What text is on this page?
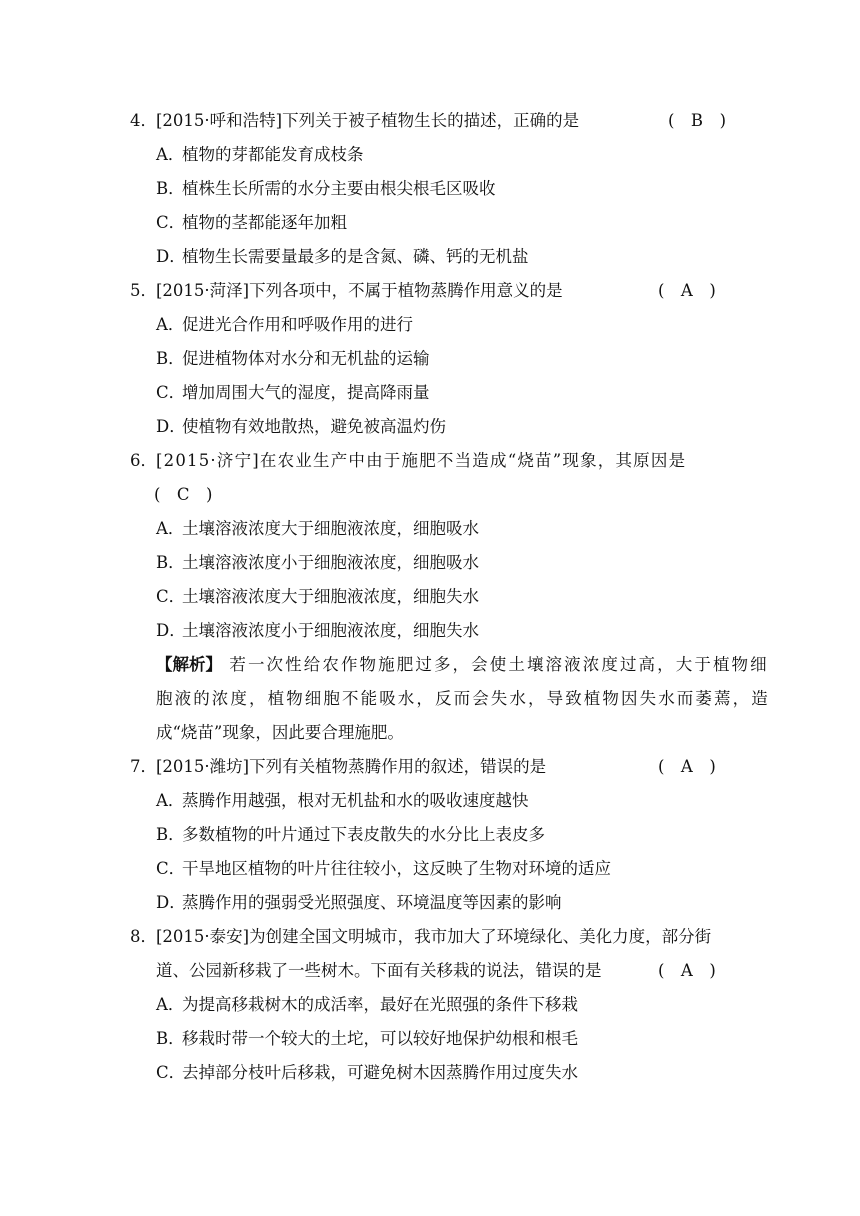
4． [2015·呼和浩特]下列关于被子植物生长的描述，正确的是	(　B　)
A．植物的芽都能发育成枝条
B．植株生长所需的水分主要由根尖根毛区吸收
C．植物的茎都能逐年加粗
D．植物生长需要量最多的是含氮、磷、钙的无机盐
5． [2015·菏泽]下列各项中，不属于植物蒸腾作用意义的是	(　A　)
A．促进光合作用和呼吸作用的进行
B．促进植物体对水分和无机盐的运输
C．增加周围大气的湿度，提高降雨量
D．使植物有效地散热，避免被高温灼伤
6． [2015·济宁]在农业生产中由于施肥不当造成“烧苗”现象，其原因是
(　C　)
A．土壤溶液浓度大于细胞液浓度，细胞吸水
B．土壤溶液浓度小于细胞液浓度，细胞吸水
C．土壤溶液浓度大于细胞液浓度，细胞失水
D．土壤溶液浓度小于细胞液浓度，细胞失水
【解析】 若一次性给农作物施肥过多，会使土壤溶液浓度过高，大于植物细
胞液的浓度，植物细胞不能吸水，反而会失水，导致植物因失水而萎蔫，造
成“烧苗”现象，因此要合理施肥。
7． [2015·潍坊]下列有关植物蒸腾作用的叙述，错误的是	(　A　)
A．蒸腾作用越强，根对无机盐和水的吸收速度越快
B．多数植物的叶片通过下表皮散失的水分比上表皮多
C．干旱地区植物的叶片往往较小，这反映了生物对环境的适应
D．蒸腾作用的强弱受光照强度、环境温度等因素的影响
8． [2015·泰安]为创建全国文明城市，我市加大了环境绿化、美化力度，部分街
道、公园新移栽了一些树木。下面有关移栽的说法，错误的是	(　A　)
A．为提高移栽树木的成活率，最好在光照强的条件下移栽
B．移栽时带一个较大的土坨，可以较好地保护幼根和根毛
C．去掉部分枝叶后移栽，可避免树木因蒸腾作用过度失水
